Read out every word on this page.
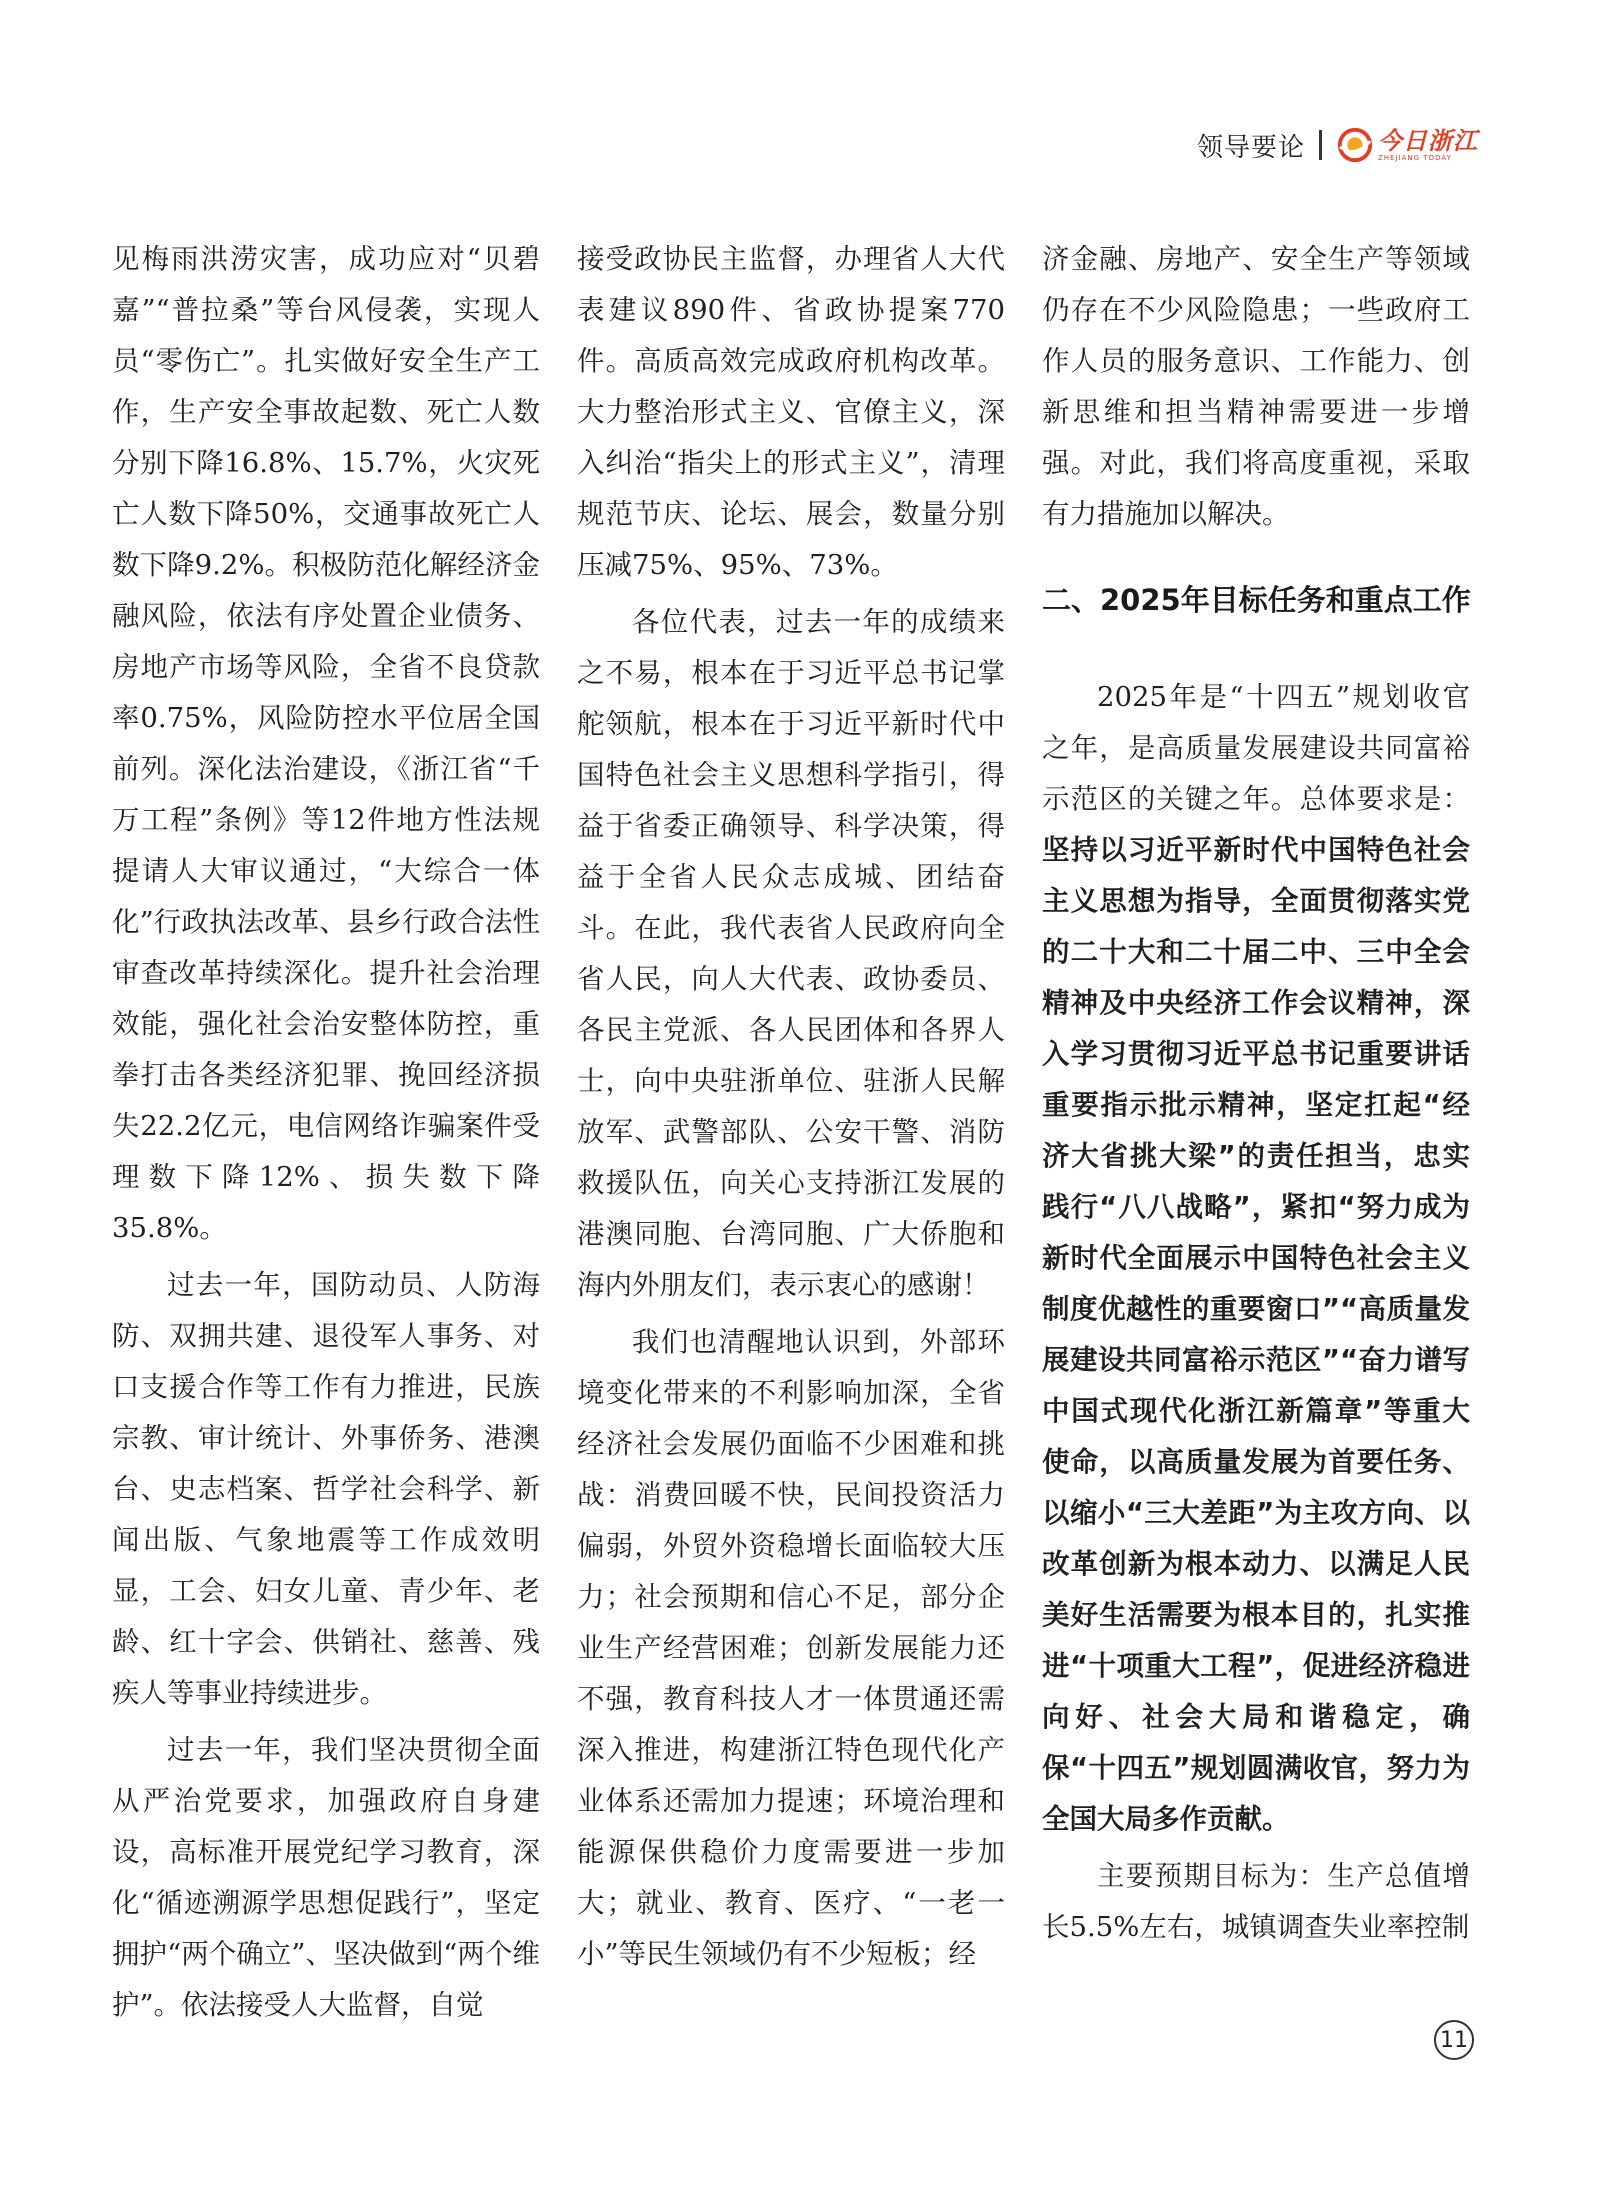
领导要论	今日浙江
ZHEJIANG TODAY

见梅雨洪涝灾害，成功应对“贝碧嘉”“普拉桑”等台风侵袭，实现人员“零伤亡”。扎实做好安全生产工作，生产安全事故起数、死亡人数分别下降16.8%、15.7%，火灾死亡人数下降50%，交通事故死亡人数下降9.2%。积极防范化解经济金融风险，依法有序处置企业债务、房地产市场等风险，全省不良贷款率0.75%，风险防控水平位居全国前列。深化法治建设，《浙江省“千万工程”条例》等12件地方性法规提请人大审议通过，“大综合一体化”行政执法改革、县乡行政合法性审查改革持续深化。提升社会治理效能，强化社会治安整体防控，重拳打击各类经济犯罪、挽回经济损失22.2亿元，电信网络诈骗案件受理数下降12%、损失数下降35.8%。

过去一年，国防动员、人防海防、双拥共建、退役军人事务、对口支援合作等工作有力推进，民族宗教、审计统计、外事侨务、港澳台、史志档案、哲学社会科学、新闻出版、气象地震等工作成效明显，工会、妇女儿童、青少年、老龄、红十字会、供销社、慈善、残疾人等事业持续进步。

过去一年，我们坚决贯彻全面从严治党要求，加强政府自身建设，高标准开展党纪学习教育，深化“循迹溯源学思想促践行”，坚定拥护“两个确立”、坚决做到“两个维护”。依法接受人大监督，自觉

接受政协民主监督，办理省人大代表建议890件、省政协提案770件。高质高效完成政府机构改革。大力整治形式主义、官僚主义，深入纠治“指尖上的形式主义”，清理规范节庆、论坛、展会，数量分别压减75%、95%、73%。

各位代表，过去一年的成绩来之不易，根本在于习近平总书记掌舵领航，根本在于习近平新时代中国特色社会主义思想科学指引，得益于省委正确领导、科学决策，得益于全省人民众志成城、团结奋斗。在此，我代表省人民政府向全省人民，向人大代表、政协委员、各民主党派、各人民团体和各界人士，向中央驻浙单位、驻浙人民解放军、武警部队、公安干警、消防救援队伍，向关心支持浙江发展的港澳同胞、台湾同胞、广大侨胞和海内外朋友们，表示衷心的感谢！

我们也清醒地认识到，外部环境变化带来的不利影响加深，全省经济社会发展仍面临不少困难和挑战：消费回暖不快，民间投资活力偏弱，外贸外资稳增长面临较大压力；社会预期和信心不足，部分企业生产经营困难；创新发展能力还不强，教育科技人才一体贯通还需深入推进，构建浙江特色现代化产业体系还需加力提速；环境治理和能源保供稳价力度需要进一步加大；就业、教育、医疗、“一老一小”等民生领域仍有不少短板；经

济金融、房地产、安全生产等领域仍存在不少风险隐患；一些政府工作人员的服务意识、工作能力、创新思维和担当精神需要进一步增强。对此，我们将高度重视，采取有力措施加以解决。

二、2025年目标任务和重点工作

2025年是“十四五”规划收官之年，是高质量发展建设共同富裕示范区的关键之年。总体要求是：坚持以习近平新时代中国特色社会主义思想为指导，全面贯彻落实党的二十大和二十届二中、三中全会精神及中央经济工作会议精神，深入学习贯彻习近平总书记重要讲话重要指示批示精神，坚定扛起“经济大省挑大梁”的责任担当，忠实践行“八八战略”，紧扣“努力成为新时代全面展示中国特色社会主义制度优越性的重要窗口”“高质量发展建设共同富裕示范区”“奋力谱写中国式现代化浙江新篇章”等重大使命，以高质量发展为首要任务、以缩小“三大差距”为主攻方向、以改革创新为根本动力、以满足人民美好生活需要为根本目的，扎实推进“十项重大工程”，促进经济稳进向好、社会大局和谐稳定，确保“十四五”规划圆满收官，努力为全国大局多作贡献。

主要预期目标为：生产总值增长5.5%左右，城镇调查失业率控制

11
